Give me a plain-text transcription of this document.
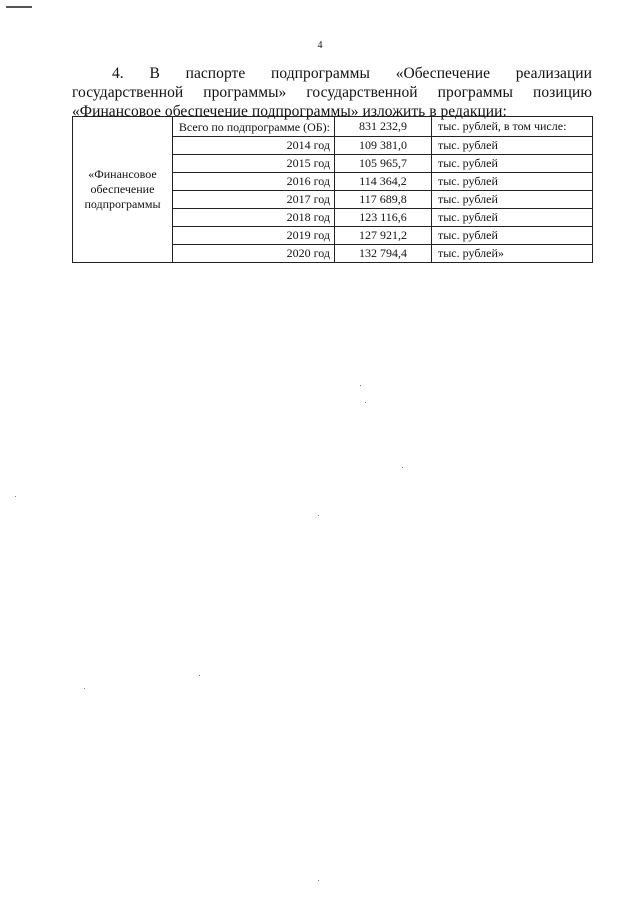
4

4. В паспорте подпрограммы «Обеспечение реализации государственной программы» государственной программы позицию «Финансовое обеспечение подпрограммы» изложить в редакции:

«Финансовое обеспечение подпрограммы	Всего по подпрограмме (ОБ):	831 232,9	тыс. рублей, в том числе:
	2014 год	109 381,0	тыс. рублей
	2015 год	105 965,7	тыс. рублей
	2016 год	114 364,2	тыс. рублей
	2017 год	117 689,8	тыс. рублей
	2018 год	123 116,6	тыс. рублей
	2019 год	127 921,2	тыс. рублей
	2020 год	132 794,4	тыс. рублей»
